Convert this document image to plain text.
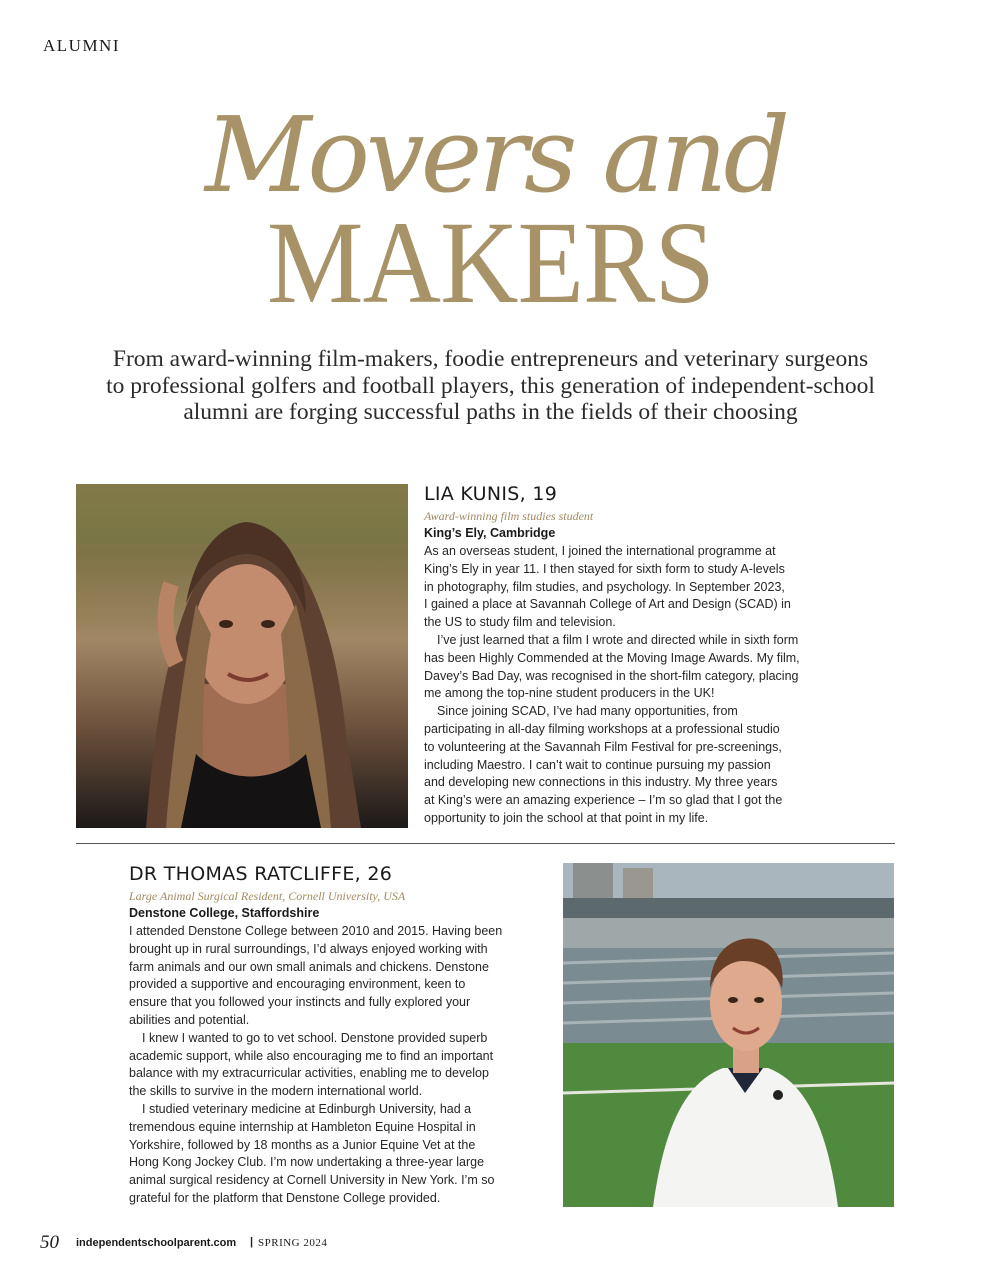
ALUMNI
Movers and
MAKERS
From award-winning film-makers, foodie entrepreneurs and veterinary surgeons
to professional golfers and football players, this generation of independent-school
alumni are forging successful paths in the fields of their choosing
LIA KUNIS, 19
Award-winning film studies student
King’s Ely, Cambridge

As an overseas student, I joined the international programme at
King’s Ely in year 11. I then stayed for sixth form to study A-levels
in photography, film studies, and psychology. In September 2023,
I gained a place at Savannah College of Art and Design (SCAD) in
the US to study film and television.

I’ve just learned that a film I wrote and directed while in sixth form
has been Highly Commended at the Moving Image Awards. My film,
Davey’s Bad Day, was recognised in the short-film category, placing
me among the top-nine student producers in the UK!

Since joining SCAD, I’ve had many opportunities, from
participating in all-day filming workshops at a professional studio
to volunteering at the Savannah Film Festival for pre-screenings,
including Maestro. I can’t wait to continue pursuing my passion
and developing new connections in this industry. My three years
at King’s were an amazing experience – I’m so glad that I got the
opportunity to join the school at that point in my life.

DR THOMAS RATCLIFFE, 26
Large Animal Surgical Resident, Cornell University, USA
Denstone College, Staffordshire

I attended Denstone College between 2010 and 2015. Having been
brought up in rural surroundings, I’d always enjoyed working with
farm animals and our own small animals and chickens. Denstone
provided a supportive and encouraging environment, keen to
ensure that you followed your instincts and fully explored your
abilities and potential.

I knew I wanted to go to vet school. Denstone provided superb
academic support, while also encouraging me to find an important
balance with my extracurricular activities, enabling me to develop
the skills to survive in the modern international world.

I studied veterinary medicine at Edinburgh University, had a
tremendous equine internship at Hambleton Equine Hospital in
Yorkshire, followed by 18 months as a Junior Equine Vet at the
Hong Kong Jockey Club. I’m now undertaking a three-year large
animal surgical residency at Cornell University in New York. I’m so
grateful for the platform that Denstone College provided.

50 independentschoolparent.com | SPRING 2024
